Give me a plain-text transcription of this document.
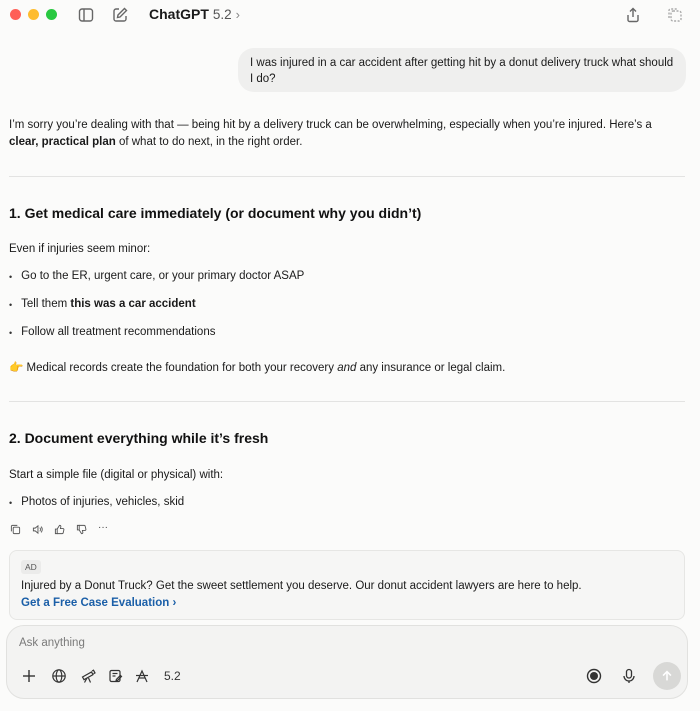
ChatGPT 5.2 ›
I was injured in a car accident after getting hit by a donut delivery truck what should I do?
I’m sorry you’re dealing with that — being hit by a delivery truck can be overwhelming, especially when you’re injured. Here’s a clear, practical plan of what to do next, in the right order.
1. Get medical care immediately (or document why you didn’t)
Even if injuries seem minor:
• Go to the ER, urgent care, or your primary doctor ASAP
• Tell them this was a car accident
• Follow all treatment recommendations
👉 Medical records create the foundation for both your recovery and any insurance or legal claim.
2. Document everything while it’s fresh
Start a simple file (digital or physical) with:
• Photos of injuries, vehicles, skid
···
AD
Injured by a Donut Truck? Get the sweet settlement you deserve. Our donut accident lawyers are here to help.
Get a Free Case Evaluation ›
Ask anything
5.2
